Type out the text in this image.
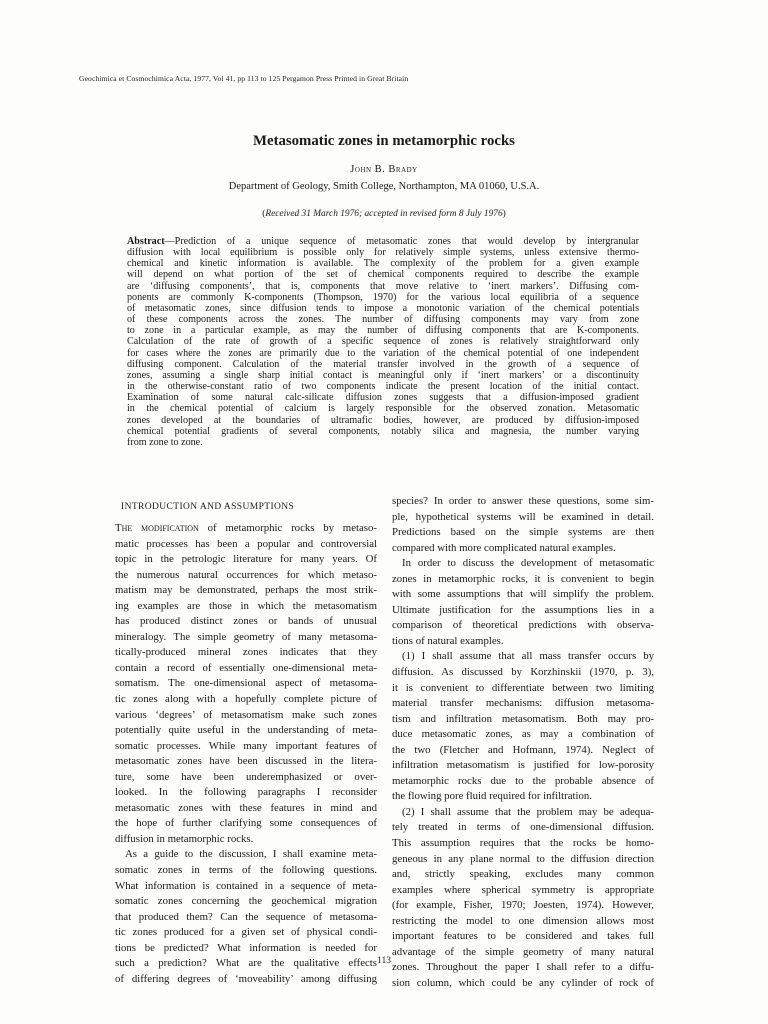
Geochimica et Cosmochimica Acta, 1977, Vol 41, pp 113 to 125 Pergamon Press Printed in Great Britain
Metasomatic zones in metamorphic rocks
John B. Brady
Department of Geology, Smith College, Northampton, MA 01060, U.S.A.
(Received 31 March 1976; accepted in revised form 8 July 1976)
Abstract—Prediction of a unique sequence of metasomatic zones that would develop by intergranular
diffusion with local equilibrium is possible only for relatively simple systems, unless extensive thermo-
chemical and kinetic information is available. The complexity of the problem for a given example
will depend on what portion of the set of chemical components required to describe the example
are ‘diffusing components’, that is, components that move relative to ‘inert markers’. Diffusing com-
ponents are commonly K-components (Thompson, 1970) for the various local equilibria of a sequence
of metasomatic zones, since diffusion tends to impose a monotonic variation of the chemical potentials
of these components across the zones. The number of diffusing components may vary from zone
to zone in a particular example, as may the number of diffusing components that are K-components.
Calculation of the rate of growth of a specific sequence of zones is relatively straightforward only
for cases where the zones are primarily due to the variation of the chemical potential of one independent
diffusing component. Calculation of the material transfer involved in the growth of a sequence of
zones, assuming a single sharp initial contact is meaningful only if ‘inert markers’ or a discontinuity
in the otherwise-constant ratio of two components indicate the present location of the initial contact.
Examination of some natural calc-silicate diffusion zones suggests that a diffusion-imposed gradient
in the chemical potential of calcium is largely responsible for the observed zonation. Metasomatic
zones developed at the boundaries of ultramafic bodies, however, are produced by diffusion-imposed
chemical potential gradients of several components, notably silica and magnesia, the number varying
from zone to zone.
INTRODUCTION AND ASSUMPTIONS
The modification of metamorphic rocks by metaso-
matic processes has been a popular and controversial
topic in the petrologic literature for many years. Of
the numerous natural occurrences for which metaso-
matism may be demonstrated, perhaps the most strik-
ing examples are those in which the metasomatism
has produced distinct zones or bands of unusual
mineralogy. The simple geometry of many metasoma-
tically-produced mineral zones indicates that they
contain a record of essentially one-dimensional meta-
somatism. The one-dimensional aspect of metasoma-
tic zones along with a hopefully complete picture of
various ‘degrees’ of metasomatism make such zones
potentially quite useful in the understanding of meta-
somatic processes. While many important features of
metasomatic zones have been discussed in the litera-
ture, some have been underemphasized or over-
looked. In the following paragraphs I reconsider
metasomatic zones with these features in mind and
the hope of further clarifying some consequences of
diffusion in metamorphic rocks.
As a guide to the discussion, I shall examine meta-
somatic zones in terms of the following questions.
What information is contained in a sequence of meta-
somatic zones concerning the geochemical migration
that produced them? Can the sequence of metasoma-
tic zones produced for a given set of physical condi-
tions be predicted? What information is needed for
such a prediction? What are the qualitative effects
of differing degrees of ‘moveability’ among diffusing
species? In order to answer these questions, some sim-
ple, hypothetical systems will be examined in detail.
Predictions based on the simple systems are then
compared with more complicated natural examples.
In order to discuss the development of metasomatic
zones in metamorphic rocks, it is convenient to begin
with some assumptions that will simplify the problem.
Ultimate justification for the assumptions lies in a
comparison of theoretical predictions with observa-
tions of natural examples.
(1) I shall assume that all mass transfer occurs by
diffusion. As discussed by Korzhinskii (1970, p. 3),
it is convenient to differentiate between two limiting
material transfer mechanisms: diffusion metasoma-
tism and infiltration metasomatism. Both may pro-
duce metasomatic zones, as may a combination of
the two (Fletcher and Hofmann, 1974). Neglect of
infiltration metasomatism is justified for low-porosity
metamorphic rocks due to the probable absence of
the flowing pore fluid required for infiltration.
(2) I shall assume that the problem may be adequa-
tely treated in terms of one-dimensional diffusion.
This assumption requires that the rocks be homo-
geneous in any plane normal to the diffusion direction
and, strictly speaking, excludes many common
examples where spherical symmetry is appropriate
(for example, Fisher, 1970; Joesten, 1974). However,
restricting the model to one dimension allows most
important features to be considered and takes full
advantage of the simple geometry of many natural
zones. Throughout the paper I shall refer to a diffu-
sion column, which could be any cylinder of rock of
113
